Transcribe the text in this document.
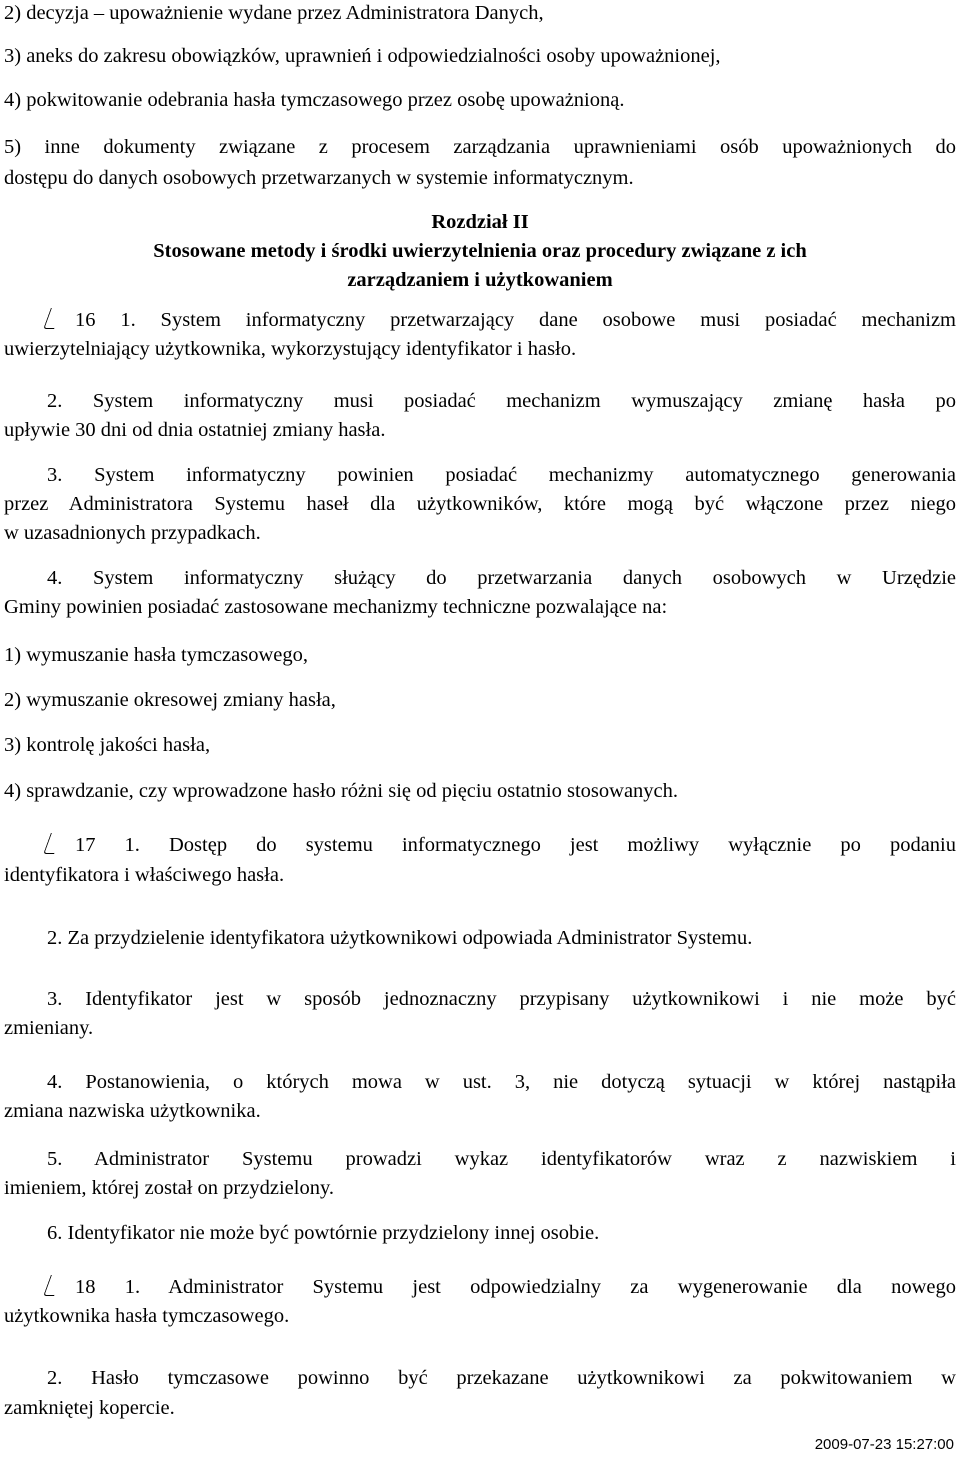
2) decyzja – upoważnienie wydane przez Administratora Danych,

3) aneks do zakresu obowiązków, uprawnień i odpowiedzialności osoby upoważnionej,

4) pokwitowanie odebrania hasła tymczasowego przez osobę upoważnioną.

5) inne dokumenty związane z procesem zarządzania uprawnieniami osób upoważnionych do

dostępu do danych osobowych przetwarzanych w systemie informatycznym.

Rozdział II

Stosowane metody i środki uwierzytelnienia oraz procedury związane z ich

zarządzaniem i użytkowaniem

16 1. System informatyczny przetwarzający dane osobowe musi posiadać mechanizm

uwierzytelniający użytkownika, wykorzystujący identyfikator i hasło.

2. System informatyczny musi posiadać mechanizm wymuszający zmianę hasła po

upływie 30 dni od dnia ostatniej zmiany hasła.

3. System informatyczny powinien posiadać mechanizmy automatycznego generowania

przez Administratora Systemu haseł dla użytkowników, które mogą być włączone przez niego

w uzasadnionych przypadkach.

4. System informatyczny służący do przetwarzania danych osobowych w Urzędzie

Gminy powinien posiadać zastosowane mechanizmy techniczne pozwalające na:

1) wymuszanie hasła tymczasowego,

2) wymuszanie okresowej zmiany hasła,

3) kontrolę jakości hasła,

4) sprawdzanie, czy wprowadzone hasło różni się od pięciu ostatnio stosowanych.

17 1. Dostęp do systemu informatycznego jest możliwy wyłącznie po podaniu

identyfikatora i właściwego hasła.

2. Za przydzielenie identyfikatora użytkownikowi odpowiada Administrator Systemu.

3. Identyfikator jest w sposób jednoznaczny przypisany użytkownikowi i nie może być

zmieniany.

4. Postanowienia, o których mowa w ust. 3, nie dotyczą sytuacji w której nastąpiła

zmiana nazwiska użytkownika.

5. Administrator Systemu prowadzi wykaz identyfikatorów wraz z nazwiskiem i

imieniem, której został on przydzielony.

6. Identyfikator nie może być powtórnie przydzielony innej osobie.

18 1. Administrator Systemu jest odpowiedzialny za wygenerowanie dla nowego

użytkownika hasła tymczasowego.

2. Hasło tymczasowe powinno być przekazane użytkownikowi za pokwitowaniem w

zamkniętej kopercie.

2009-07-23 15:27:00
